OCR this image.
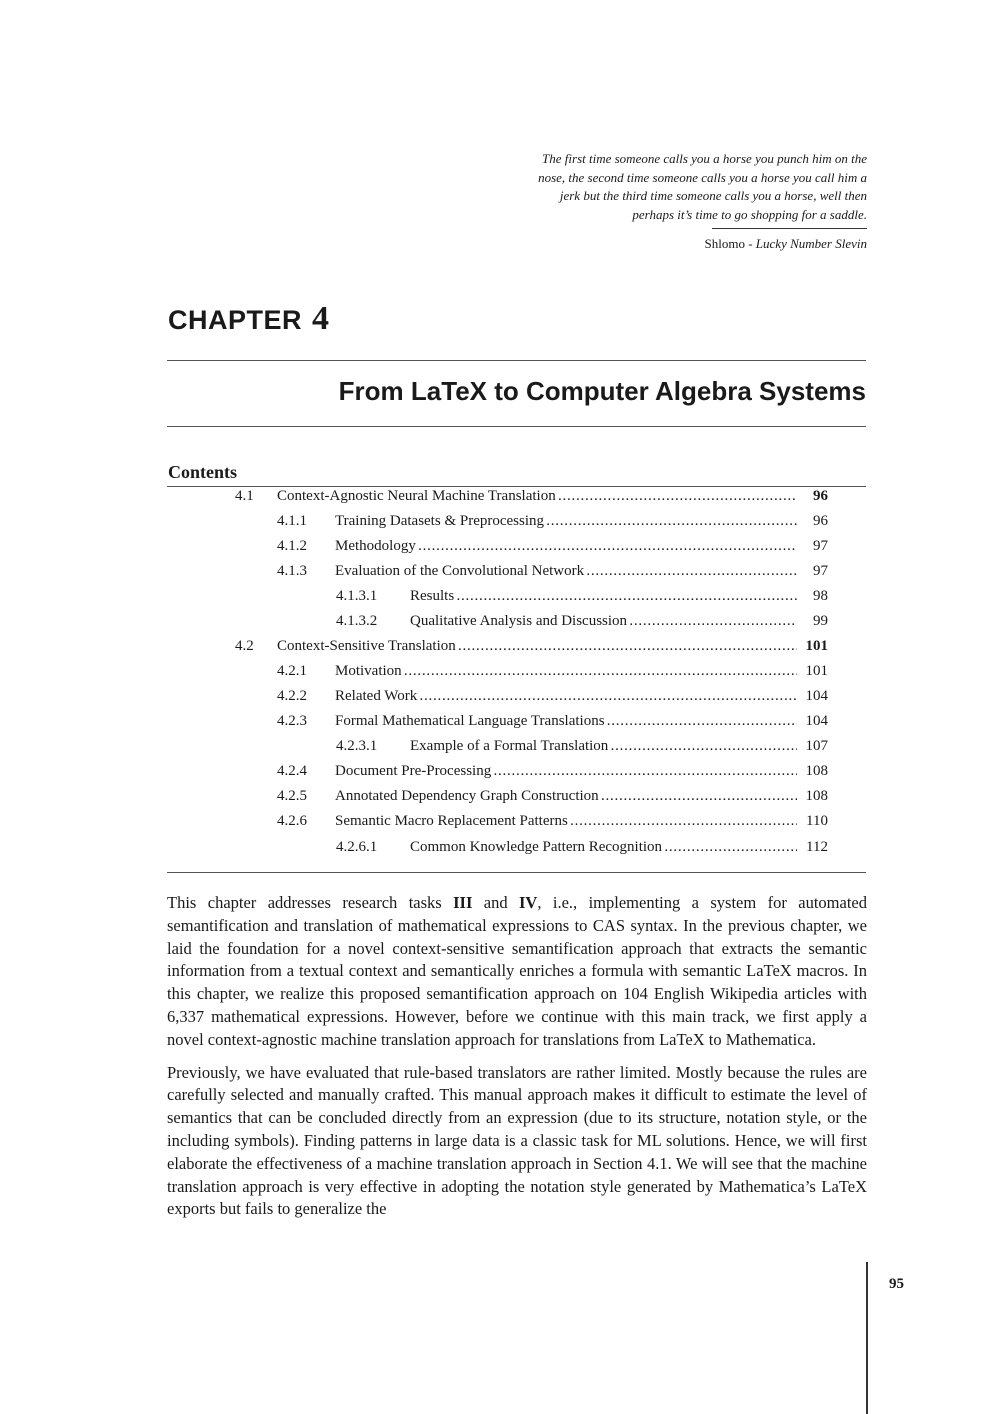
The first time someone calls you a horse you punch him on the
nose, the second time someone calls you a horse you call him a
jerk but the third time someone calls you a horse, well then
perhaps it’s time to go shopping for a saddle.

Shlomo - Lucky Number Slevin
CHAPTER 4
From LaTeX to Computer Algebra Systems
Contents
4.1 Context-Agnostic Neural Machine Translation . . .	96
4.1.1 Training Datasets & Preprocessing . . .	96
4.1.2 Methodology . . .	97
4.1.3 Evaluation of the Convolutional Network . . .	97
4.1.3.1 Results . . .	98
4.1.3.2 Qualitative Analysis and Discussion . . .	99
4.2 Context-Sensitive Translation . . .	101
4.2.1 Motivation . . .	101
4.2.2 Related Work . . .	104
4.2.3 Formal Mathematical Language Translations . . .	104
4.2.3.1 Example of a Formal Translation . . .	107
4.2.4 Document Pre-Processing . . .	108
4.2.5 Annotated Dependency Graph Construction . . .	108
4.2.6 Semantic Macro Replacement Patterns . . .	110
4.2.6.1 Common Knowledge Pattern Recognition . . .	112

This chapter addresses research tasks III and IV, i.e., implementing a system for automated semantification and translation of mathematical expressions to CAS syntax. In the previous chapter, we laid the foundation for a novel context-sensitive semantification approach that extracts the semantic information from a textual context and semantically enriches a formula with semantic LaTeX macros. In this chapter, we realize this proposed semantification approach on 104 English Wikipedia articles with 6,337 mathematical expressions. However, before we continue with this main track, we first apply a novel context-agnostic machine translation approach for translations from LaTeX to Mathematica.

Previously, we have evaluated that rule-based translators are rather limited. Mostly because the rules are carefully selected and manually crafted. This manual approach makes it difficult to estimate the level of semantics that can be concluded directly from an expression (due to its structure, notation style, or the including symbols). Finding patterns in large data is a classic task for ML solutions. Hence, we will first elaborate the effectiveness of a machine translation approach in Section 4.1. We will see that the machine translation approach is very effective in adopting the notation style generated by Mathematica’s LaTeX exports but fails to generalize the

95
